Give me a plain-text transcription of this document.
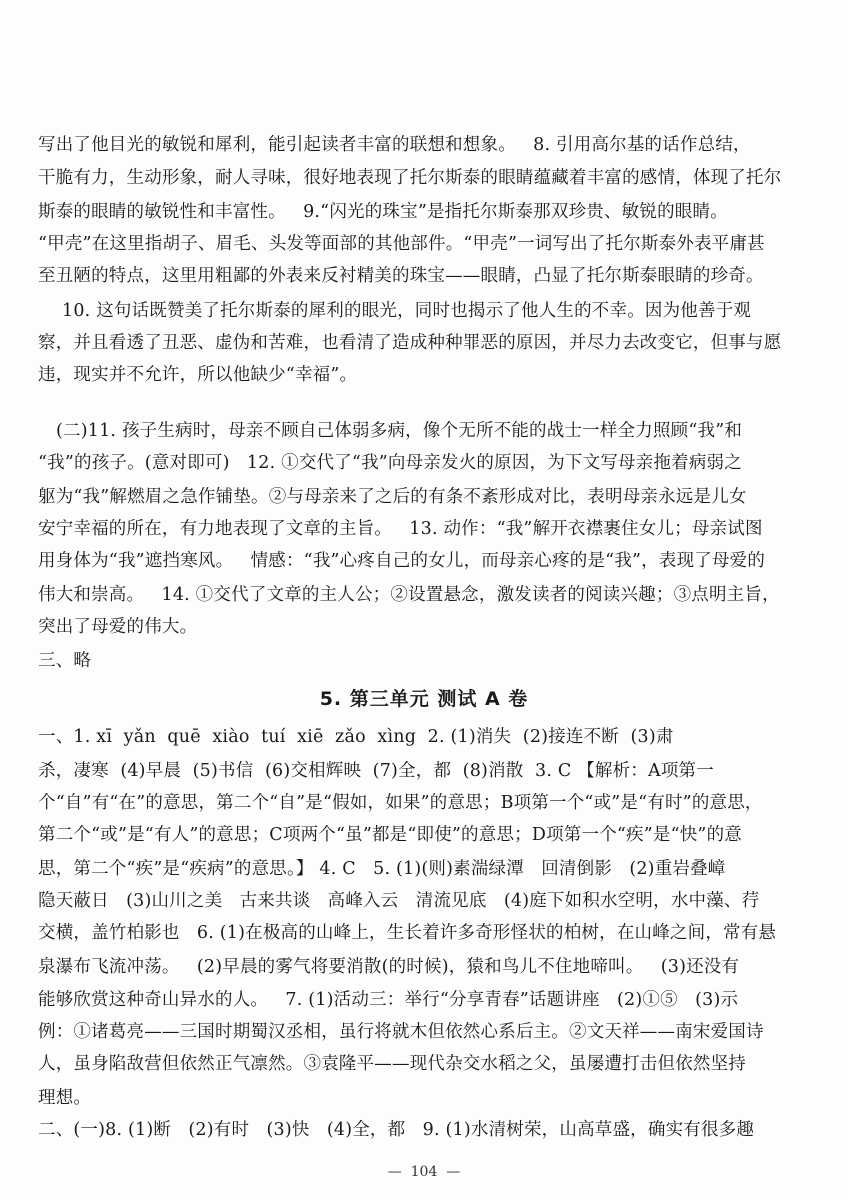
写出了他目光的敏锐和犀利，能引起读者丰富的联想和想象。   8. 引用高尔基的话作总结，
干脆有力，生动形象，耐人寻味，很好地表现了托尔斯泰的眼睛蕴藏着丰富的感情，体现了托尔
斯泰的眼睛的敏锐性和丰富性。   9.“闪光的珠宝”是指托尔斯泰那双珍贵、敏锐的眼睛。
“甲壳”在这里指胡子、眉毛、头发等面部的其他部件。“甲壳”一词写出了托尔斯泰外表平庸甚
至丑陋的特点，这里用粗鄙的外表来反衬精美的珠宝——眼睛，凸显了托尔斯泰眼睛的珍奇。
10. 这句话既赞美了托尔斯泰的犀利的眼光，同时也揭示了他人生的不幸。因为他善于观
察，并且看透了丑恶、虚伪和苦难，也看清了造成种种罪恶的原因，并尽力去改变它，但事与愿
违，现实并不允许，所以他缺少“幸福”。
(二)11. 孩子生病时，母亲不顾自己体弱多病，像个无所不能的战士一样全力照顾“我”和
“我”的孩子。(意对即可)   12. ①交代了“我”向母亲发火的原因，为下文写母亲拖着病弱之
躯为“我”解燃眉之急作铺垫。②与母亲来了之后的有条不紊形成对比，表明母亲永远是儿女
安宁幸福的所在，有力地表现了文章的主旨。   13. 动作：“我”解开衣襟裹住女儿；母亲试图
用身体为“我”遮挡寒风。   情感：“我”心疼自己的女儿，而母亲心疼的是“我”，表现了母爱的
伟大和崇高。   14. ①交代了文章的主人公；②设置悬念，激发读者的阅读兴趣；③点明主旨，
突出了母爱的伟大。
三、略
5. 第三单元 测试 A 卷
一、1. xī  yǎn  quē  xiào  tuí  xiē  zǎo  xìng  2. (1)消失  (2)接连不断  (3)肃
杀，凄寒  (4)早晨  (5)书信  (6)交相辉映  (7)全，都  (8)消散  3. C 【解析：A项第一
个“自”有“在”的意思，第二个“自”是“假如，如果”的意思；B项第一个“或”是“有时”的意思，
第二个“或”是“有人”的意思；C项两个“虽”都是“即使”的意思；D项第一个“疾”是“快”的意
思，第二个“疾”是“疾病”的意思。】 4. C   5. (1)(则)素湍绿潭   回清倒影   (2)重岩叠嶂
隐天蔽日   (3)山川之美   古来共谈   高峰入云   清流见底   (4)庭下如积水空明，水中藻、荇
交横，盖竹柏影也   6. (1)在极高的山峰上，生长着许多奇形怪状的柏树，在山峰之间，常有悬
泉瀑布飞流冲荡。   (2)早晨的雾气将要消散(的时候)，猿和鸟儿不住地啼叫。   (3)还没有
能够欣赏这种奇山异水的人。   7. (1)活动三：举行“分享青春”话题讲座   (2)①⑤   (3)示
例：①诸葛亮——三国时期蜀汉丞相，虽行将就木但依然心系后主。②文天祥——南宋爱国诗
人，虽身陷敌营但依然正气凛然。③袁隆平——现代杂交水稻之父，虽屡遭打击但依然坚持
理想。
二、(一)8. (1)断   (2)有时   (3)快   (4)全，都   9. (1)水清树荣，山高草盛，确实有很多趣
—  104  —
